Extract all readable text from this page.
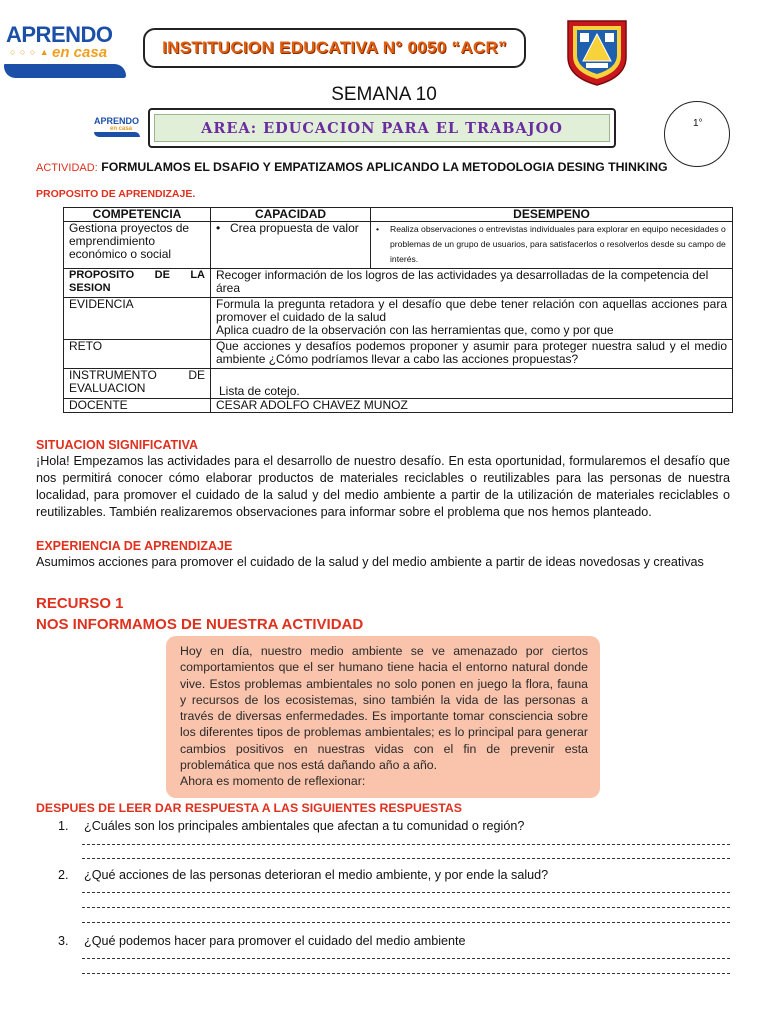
APRENDO
○ ○ ○ ▲ en casa	INSTITUCION EDUCATIVA N° 0050 “ACR”
SEMANA 10
APRENDO
en casa	AREA: EDUCACION PARA EL TRABAJOO	1°
ACTIVIDAD: FORMULAMOS EL DSAFIO Y EMPATIZAMOS APLICANDO LA METODOLOGIA DESING THINKING
PROPOSITO DE APRENDIZAJE.
COMPETENCIA	CAPACIDAD	DESEMPENO
Gestiona proyectos de emprendimiento económico o social	• Crea propuesta de valor	• Realiza observaciones o entrevistas individuales para explorar en equipo necesidades o problemas de un grupo de usuarios, para satisfacerlos o resolverlos desde su campo de interés.

PROPOSITO DE LA SESION	Recoger información de los logros de las actividades ya desarrolladas de la competencia del área	
EVIDENCIA	Formula la pregunta retadora y el desafío que debe tener relación con aquellas acciones para promover el cuidado de la salud
Aplica cuadro de la observación con las herramientas que, como y por que	

RETO	Que acciones y desafíos podemos proponer y asumir para proteger nuestra salud y el medio ambiente ¿Cómo podríamos llevar a cabo las acciones propuestas?	
INSTRUMENTO DE EVALUACION	Lista de cotejo.	
DOCENTE	CESAR ADOLFO CHAVEZ MUNOZ	
SITUACION SIGNIFICATIVA
¡Hola! Empezamos las actividades para el desarrollo de nuestro desafío. En esta oportunidad, formularemos el desafío que nos permitirá conocer cómo elaborar productos de materiales reciclables o reutilizables para las personas de nuestra localidad, para promover el cuidado de la salud y del medio ambiente a partir de la utilización de materiales reciclables o reutilizables. También realizaremos observaciones para informar sobre el problema que nos hemos planteado.
EXPERIENCIA DE APRENDIZAJE
Asumimos acciones para promover el cuidado de la salud y del medio ambiente a partir de ideas novedosas y creativas
RECURSO 1
NOS INFORMAMOS DE NUESTRA ACTIVIDAD

Hoy en día, nuestro medio ambiente se ve amenazado por ciertos comportamientos que el ser humano tiene hacia el entorno natural donde vive. Estos problemas ambientales no solo ponen en juego la flora, fauna y recursos de los ecosistemas, sino también la vida de las personas a través de diversas enfermedades. Es importante tomar consciencia sobre los diferentes tipos de problemas ambientales; es lo principal para generar cambios positivos en nuestras vidas con el fin de prevenir esta problemática que nos está dañando año a año.

Ahora es momento de reflexionar:

DESPUES DE LEER DAR RESPUESTA A LAS SIGUIENTES RESPUESTAS
1. ¿Cuáles son los principales ambientales que afectan a tu comunidad o región?
2. ¿Qué acciones de las personas deterioran el medio ambiente, y por ende la salud?
3. ¿Qué podemos hacer para promover el cuidado del medio ambiente
